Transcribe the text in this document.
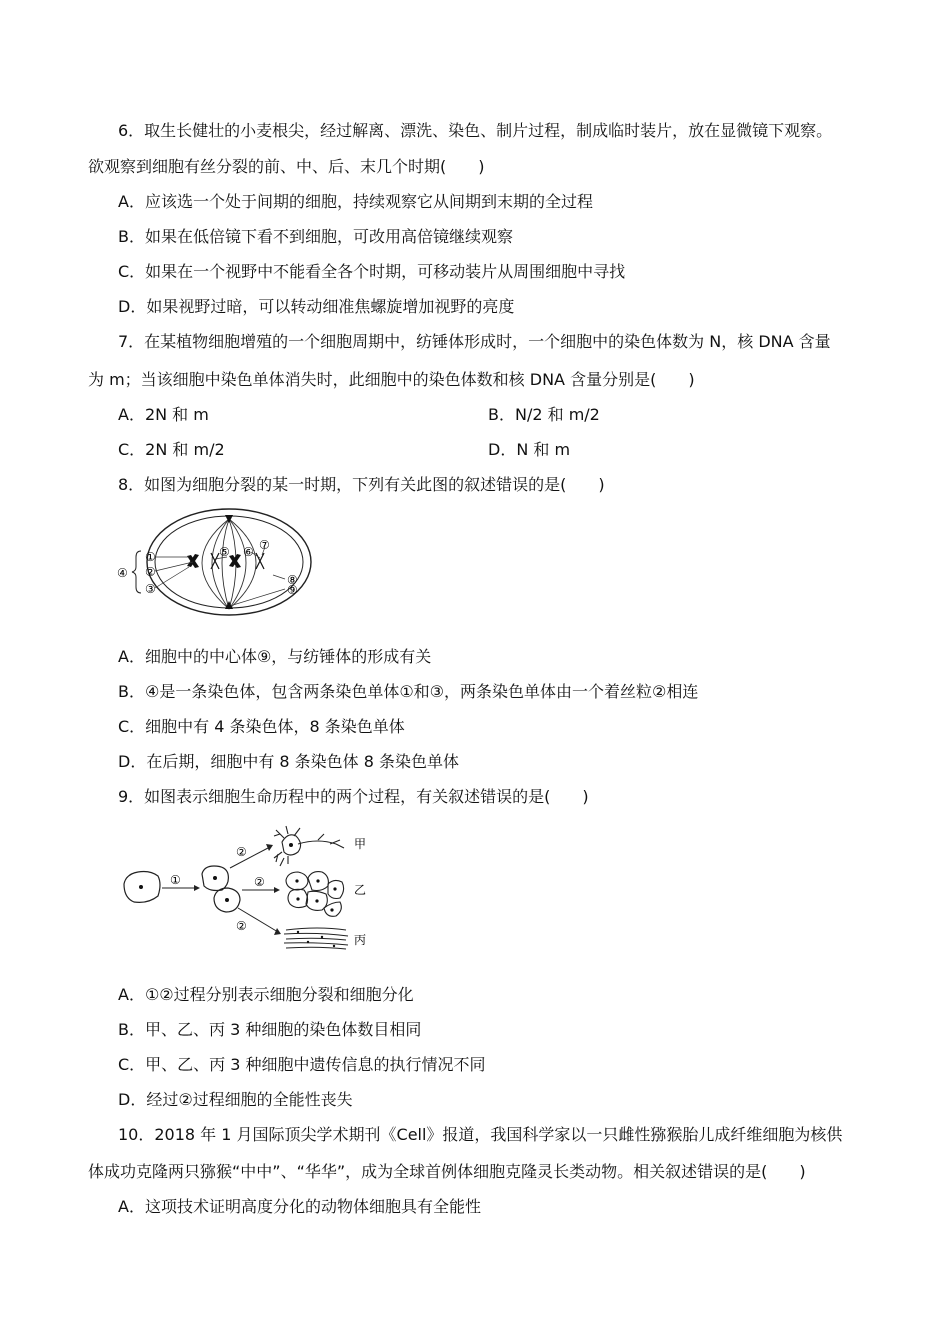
6．取生长健壮的小麦根尖，经过解离、漂洗、染色、制片过程，制成临时装片，放在显微镜下观察。
欲观察到细胞有丝分裂的前、中、后、末几个时期(　　)
A．应该选一个处于间期的细胞，持续观察它从间期到末期的全过程
B．如果在低倍镜下看不到细胞，可改用高倍镜继续观察
C．如果在一个视野中不能看全各个时期，可移动装片从周围细胞中寻找
D．如果视野过暗，可以转动细准焦螺旋增加视野的亮度
7．在某植物细胞增殖的一个细胞周期中，纺锤体形成时，一个细胞中的染色体数为 N，核 DNA 含量
为 m；当该细胞中染色单体消失时，此细胞中的染色体数和核 DNA 含量分别是(　　)
A．2N 和 m	B．N/2 和 m/2
C．2N 和 m/2	D．N 和 m
8．如图为细胞分裂的某一时期，下列有关此图的叙述错误的是(　　)
①
②
③
④
⑤ ⑥ ⑦
⑧
⑨
A．细胞中的中心体⑨，与纺锤体的形成有关
B．④是一条染色体，包含两条染色单体①和③，两条染色单体由一个着丝粒②相连
C．细胞中有 4 条染色体，8 条染色单体
D．在后期，细胞中有 8 条染色体 8 条染色单体
9．如图表示细胞生命历程中的两个过程，有关叙述错误的是(　　)
①
②
②
②
甲
乙
丙
A．①②过程分别表示细胞分裂和细胞分化
B．甲、乙、丙 3 种细胞的染色体数目相同
C．甲、乙、丙 3 种细胞中遗传信息的执行情况不同
D．经过②过程细胞的全能性丧失
10．2018 年 1 月国际顶尖学术期刊《Cell》报道，我国科学家以一只雌性猕猴胎儿成纤维细胞为核供
体成功克隆两只猕猴“中中”、“华华”，成为全球首例体细胞克隆灵长类动物。相关叙述错误的是(　　)
A．这项技术证明高度分化的动物体细胞具有全能性
